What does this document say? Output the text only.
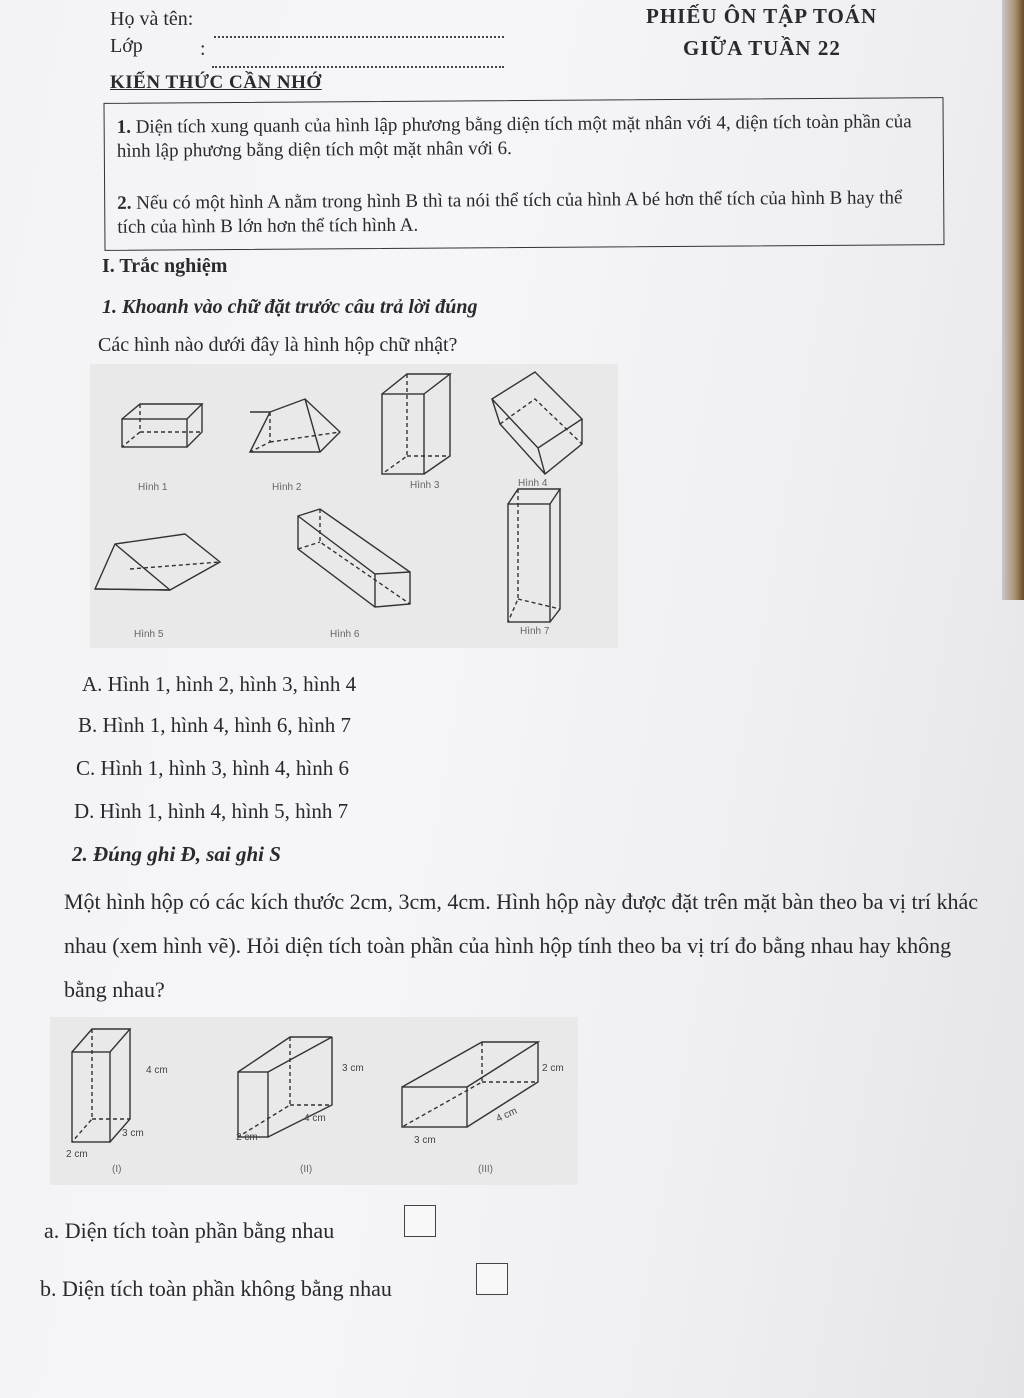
Họ và tên:
Lớp	:
PHIẾU ÔN TẬP TOÁN
GIỮA TUẦN 22
KIẾN THỨC CẦN NHỚ
1. Diện tích xung quanh của hình lập phương bằng diện tích một mặt nhân với 4, diện tích toàn phần của hình lập phương bằng diện tích một mặt nhân với 6.
2. Nếu có một hình A nằm trong hình B thì ta nói thể tích của hình A bé hơn thể tích của hình B hay thể tích của hình B lớn hơn thể tích hình A.
I. Trắc nghiệm
1. Khoanh vào chữ đặt trước câu trả lời đúng
Các hình nào dưới đây là hình hộp chữ nhật?
Hình 1	Hình 2	Hình 3	Hình 4
Hình 5	Hình 6	Hình 7
A. Hình 1, hình 2, hình 3, hình 4
B. Hình 1, hình 4, hình 6, hình 7
C. Hình 1, hình 3, hình 4, hình 6
D. Hình 1, hình 4, hình 5, hình 7
2. Đúng ghi Đ, sai ghi S
Một hình hộp có các kích thước 2cm, 3cm, 4cm. Hình hộp này được đặt trên mặt bàn theo ba vị trí khác nhau (xem hình vẽ). Hỏi diện tích toàn phần của hình hộp tính theo ba vị trí đo bằng nhau hay không bằng nhau?
4 cm
3 cm
2 cm
(I)
3 cm
4 cm
2 cm
(II)
2 cm
3 cm
4 cm
(III)
a. Diện tích toàn phần bằng nhau
b. Diện tích toàn phần không bằng nhau
